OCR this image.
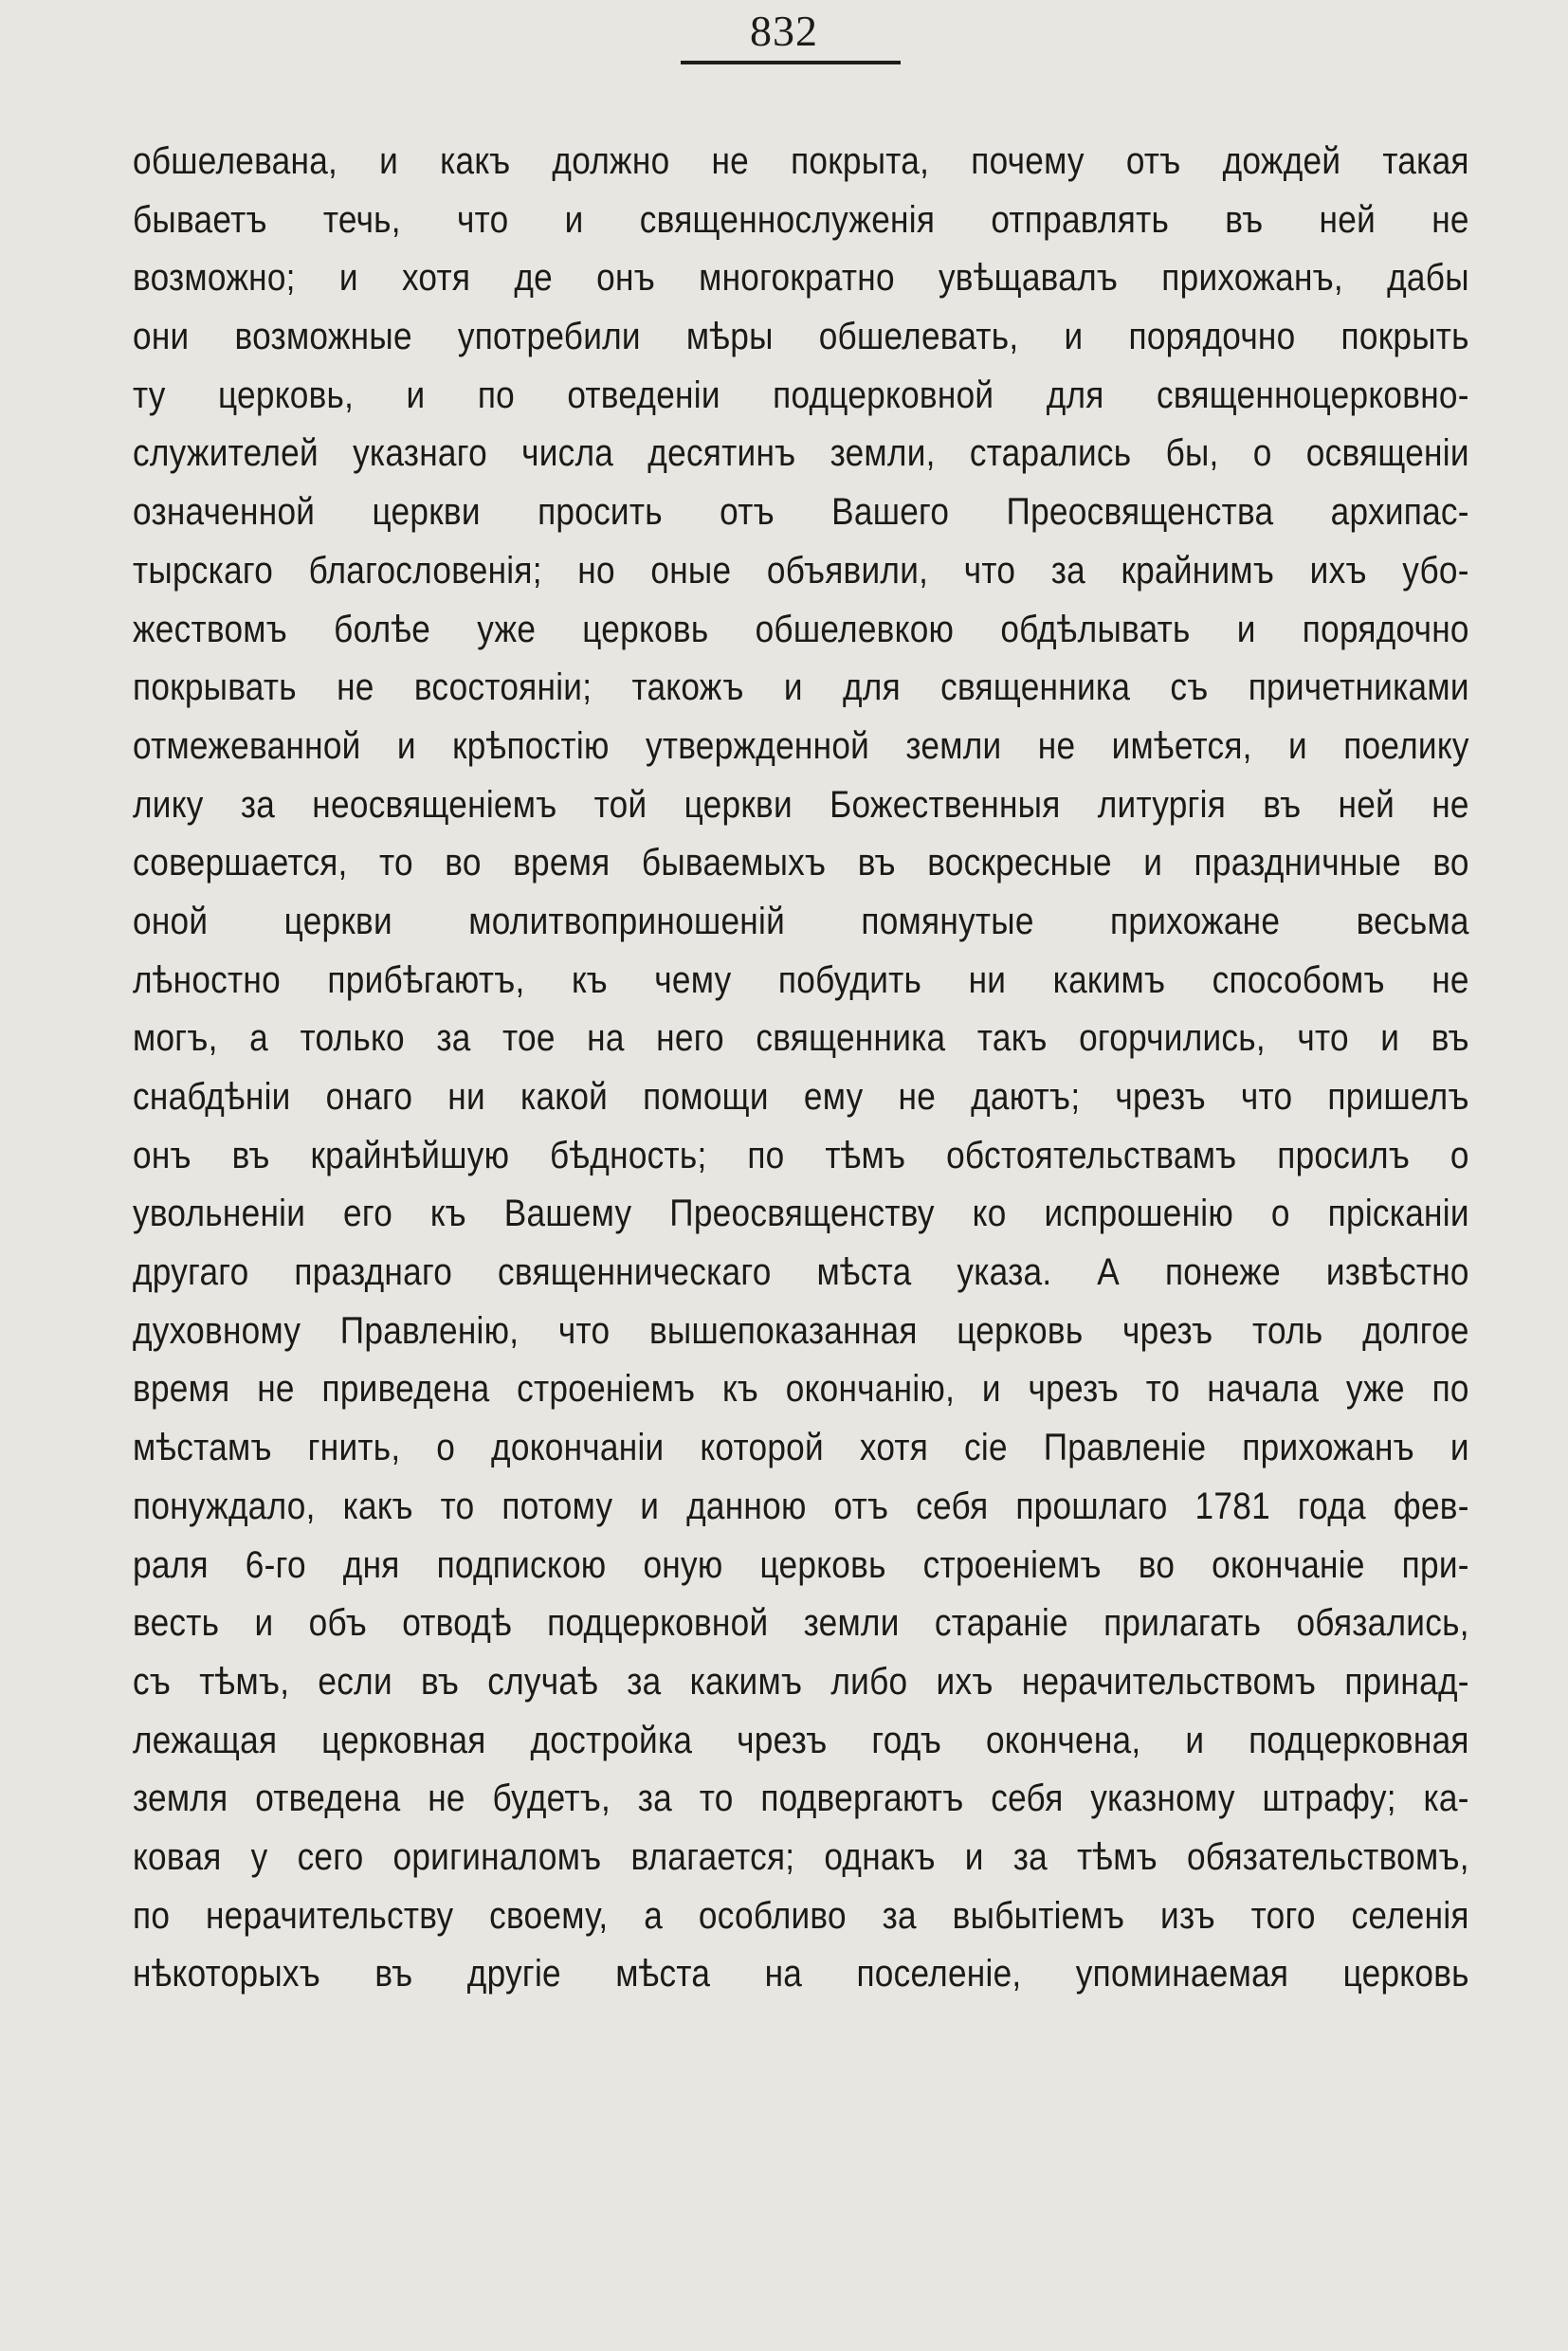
832
обшелевана, и какъ должно не покрыта, почему отъ дождей такая
бываетъ течь, что и священнослуженія отправлять въ ней не
возможно; и хотя де онъ многократно увѣщавалъ прихожанъ, дабы
они возможные употребили мѣры обшелевать, и порядочно покрыть
ту церковь, и по отведеніи подцерковной для священноцерковно-
служителей указнаго числа десятинъ земли, старались бы, о освященіи
означенной церкви просить отъ Вашего Преосвященства архипас-
тырскаго благословенія; но оные объявили, что за крайнимъ ихъ убо-
жествомъ болѣе уже церковь обшелевкою обдѣлывать и порядочно
покрывать не всостояніи; такожъ и для священника съ причетниками
отмежеванной и крѣпостію утвержденной земли не имѣется, и поелику
лику за неосвященіемъ той церкви Божественныя литургія въ ней не
совершается, то во время бываемыхъ въ воскресные и праздничные во
оной церкви молитвоприношеній помянутые прихожане весьма
лѣностно прибѣгаютъ, къ чему побудить ни какимъ способомъ не
могъ, а только за тое на него священника такъ огорчились, что и въ
снабдѣніи онаго ни какой помощи ему не даютъ; чрезъ что пришелъ
онъ въ крайнѣйшую бѣдность; по тѣмъ обстоятельствамъ просилъ о
увольненіи его къ Вашему Преосвященству ко испрошенію о прісканіи
другаго празднаго священническаго мѣста указа. А понеже извѣстно
духовному Правленію, что вышепоказанная церковь чрезъ толь долгое
время не приведена строеніемъ къ окончанію, и чрезъ то начала уже по
мѣстамъ гнить, о докончаніи которой хотя сіе Правленіе прихожанъ и
понуждало, какъ то потому и данною отъ себя прошлаго 1781 года фев-
раля 6-го дня подпискою оную церковь строеніемъ во окончаніе при-
весть и объ отводѣ подцерковной земли стараніе прилагать обязались,
съ тѣмъ, если въ случаѣ за какимъ либо ихъ нерачительствомъ принад-
лежащая церковная достройка чрезъ годъ окончена, и подцерковная
земля отведена не будетъ, за то подвергаютъ себя указному штрафу; ка-
ковая у сего оригиналомъ влагается; однакъ и за тѣмъ обязательствомъ,
по нерачительству своему, а особливо за выбытіемъ изъ того селенія
нѣкоторыхъ въ другіе мѣста на поселеніе, упоминаемая церковь
